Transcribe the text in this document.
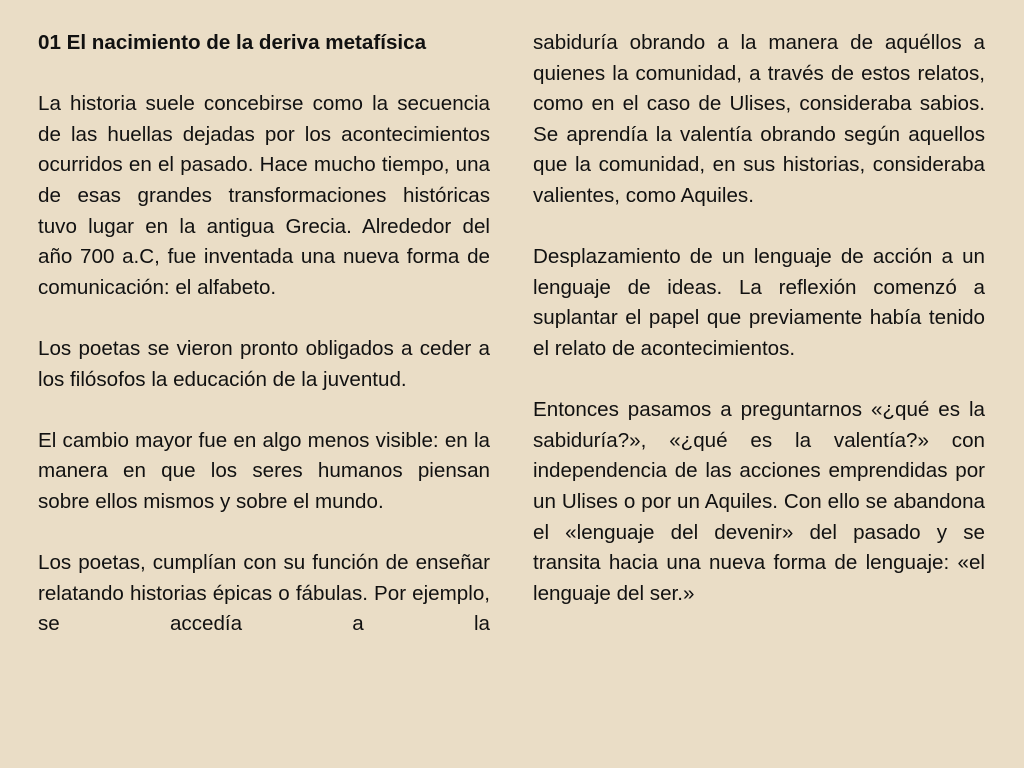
01 El nacimiento de la deriva metafísica

La historia suele concebirse como la secuencia de las huellas dejadas por los acontecimientos ocurridos en el pasado. Hace mucho tiempo, una de esas grandes transformaciones históricas tuvo lugar en la antigua Grecia. Alrededor del año 700 a.C, fue inventada una nueva forma de comunicación: el alfabeto.

Los poetas se vieron pronto obligados a ceder a los filósofos la educación de la juventud.

El cambio mayor fue en algo menos visible: en la manera en que los seres humanos piensan sobre ellos mismos y sobre el mundo.

Los poetas, cumplían con su función de enseñar relatando historias épicas o fábulas. Por ejemplo, se accedía a la

sabiduría obrando a la manera de aquéllos a quienes la comunidad, a través de estos relatos, como en el caso de Ulises, consideraba sabios. Se aprendía la valentía obrando según aquellos que la comunidad, en sus historias, consideraba valientes, como Aquiles.

Desplazamiento de un lenguaje de acción a un lenguaje de ideas. La reflexión comenzó a suplantar el papel que previamente había tenido el relato de acontecimientos.

Entonces pasamos a preguntarnos «¿qué es la sabiduría?», «¿qué es la valentía?» con independencia de las acciones emprendidas por un Ulises o por un Aquiles. Con ello se abandona el «lenguaje del devenir» del pasado y se transita hacia una nueva forma de lenguaje: «el lenguaje del ser.»
